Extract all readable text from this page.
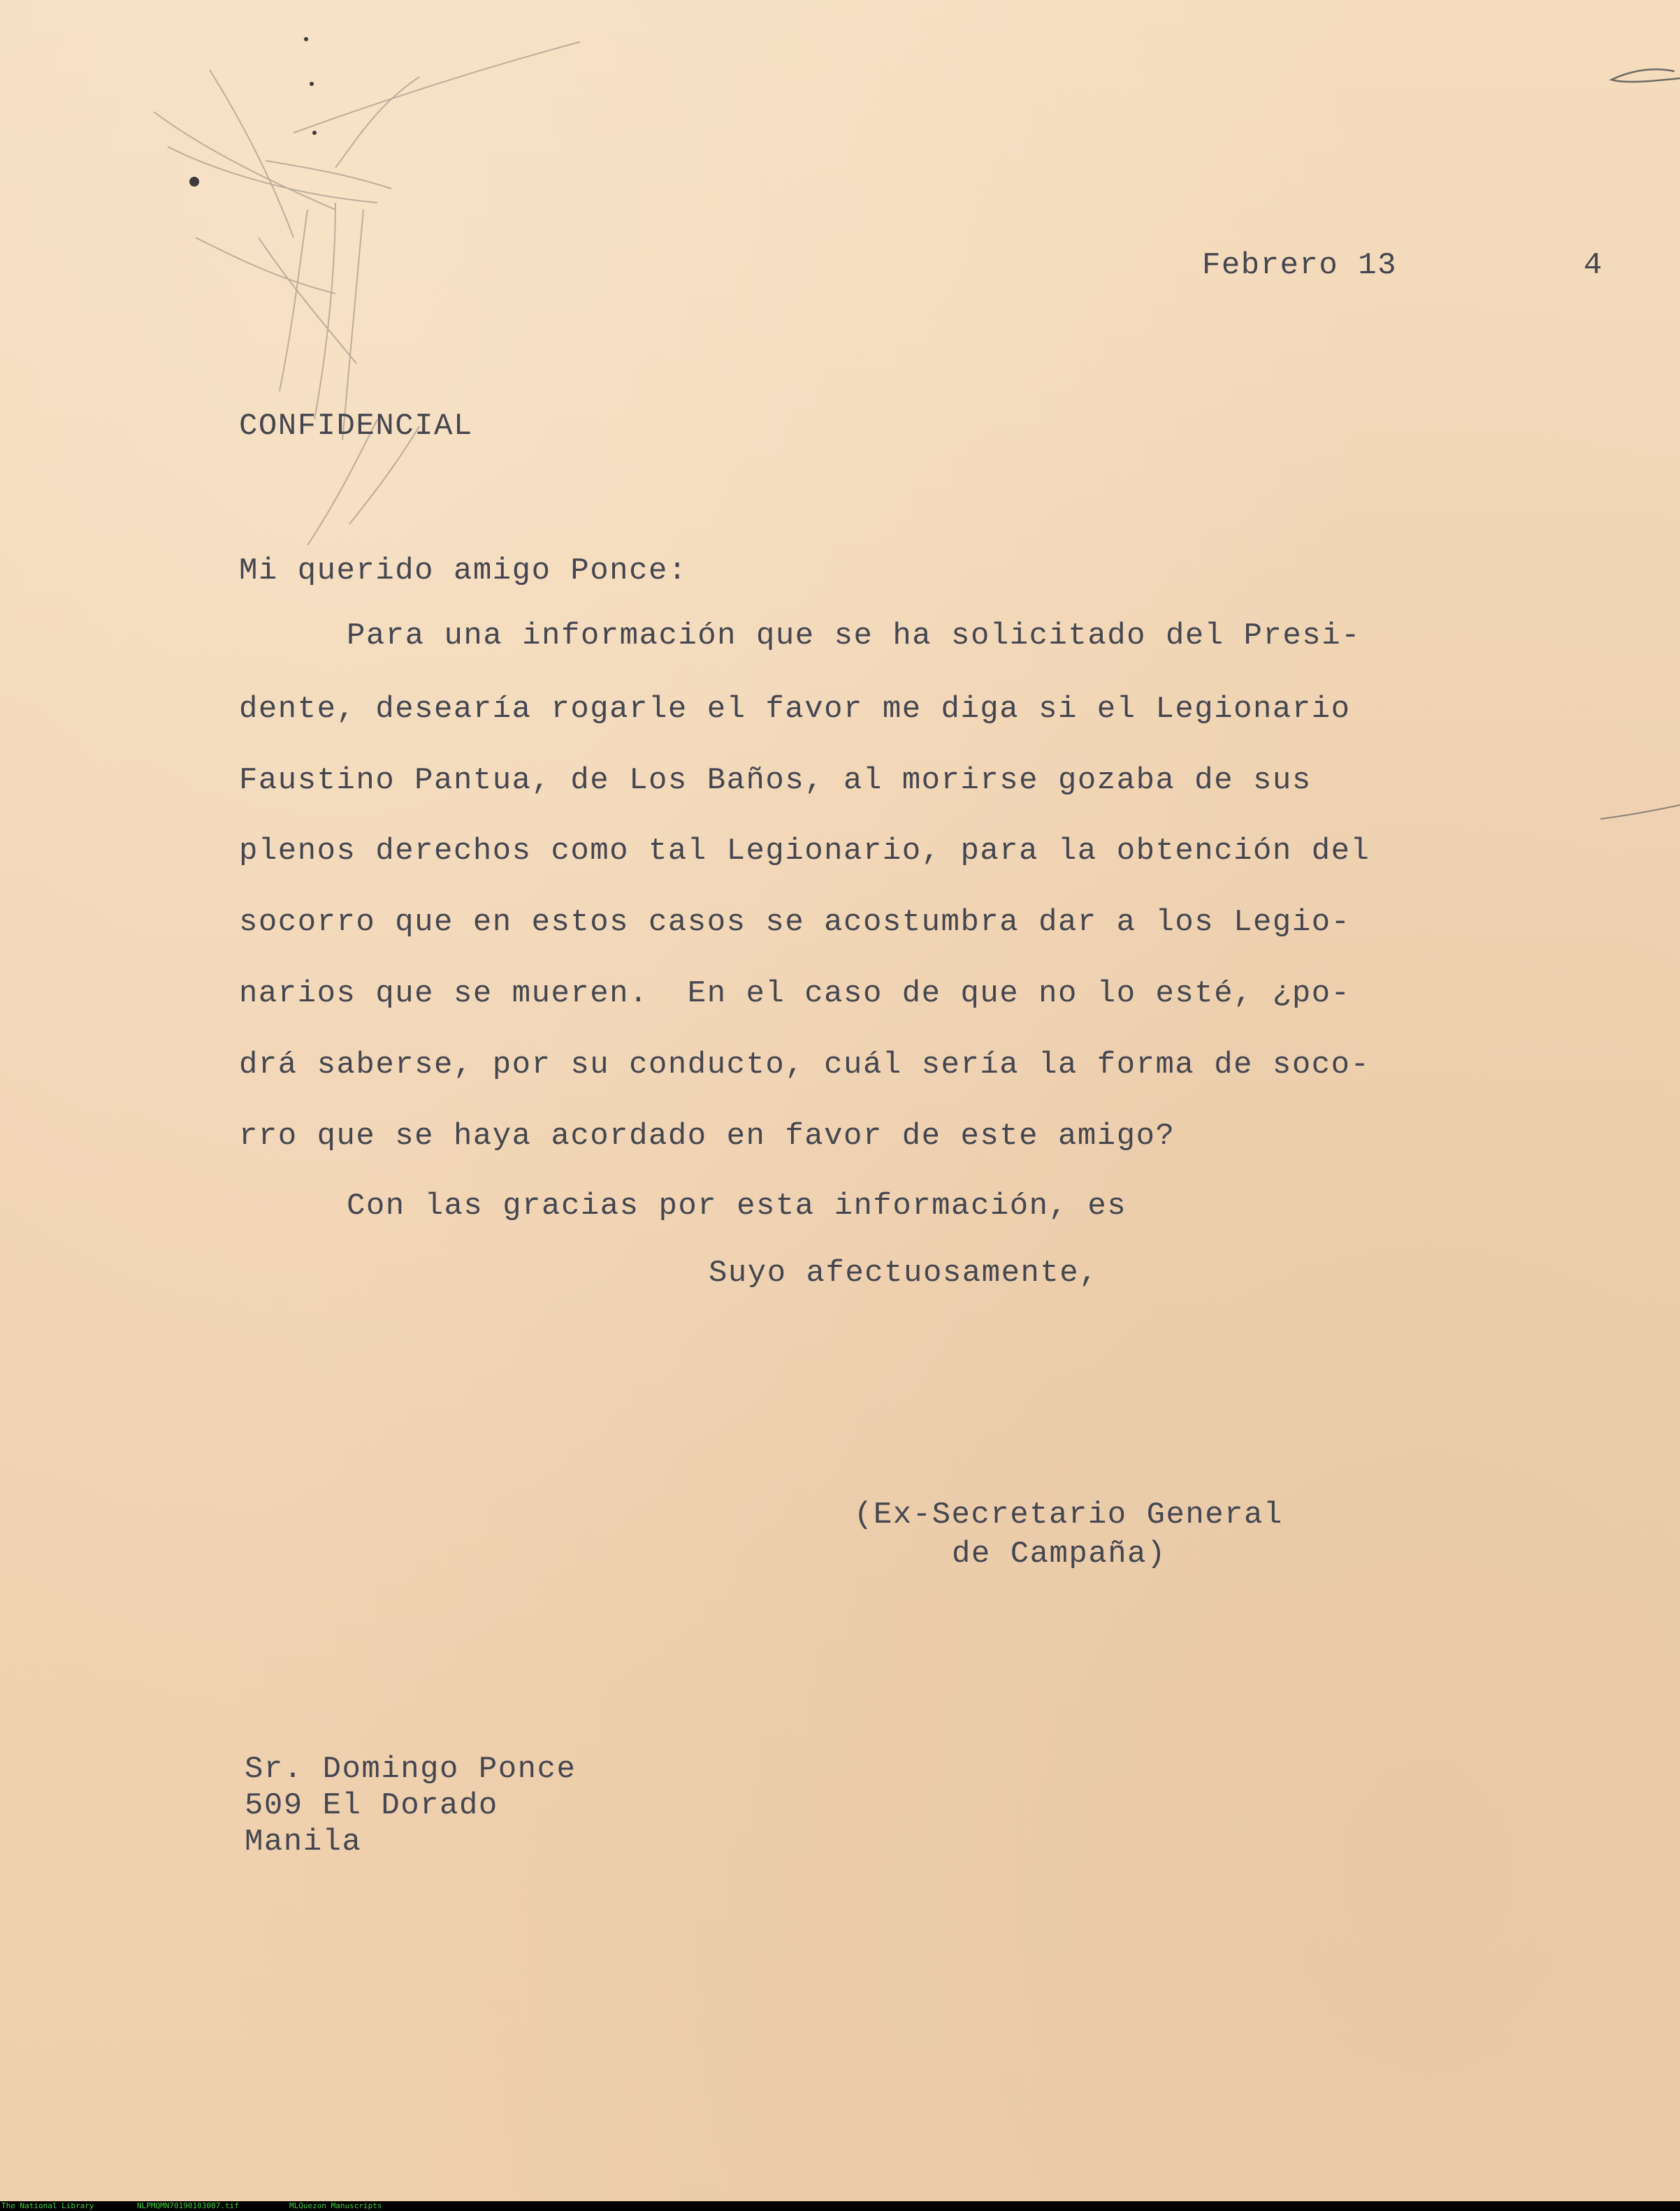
Febrero 13	4
CONFIDENCIAL
Mi querido amigo Ponce:
Para una información que se ha solicitado del Presi-
dente, desearía rogarle el favor me diga si el Legionario
Faustino Pantua, de Los Baños, al morirse gozaba de sus
plenos derechos como tal Legionario, para la obtención del
socorro que en estos casos se acostumbra dar a los Legio-
narios que se mueren.  En el caso de que no lo esté, ¿po-
drá saberse, por su conducto, cuál sería la forma de soco-
rro que se haya acordado en favor de este amigo?
Con las gracias por esta información, es
Suyo afectuosamente,
(Ex-Secretario General
de Campaña)
Sr. Domingo Ponce
509 El Dorado
Manila

The National Library

	NLPMQMN70190103007.tif

	MLQuezon Manuscripts
